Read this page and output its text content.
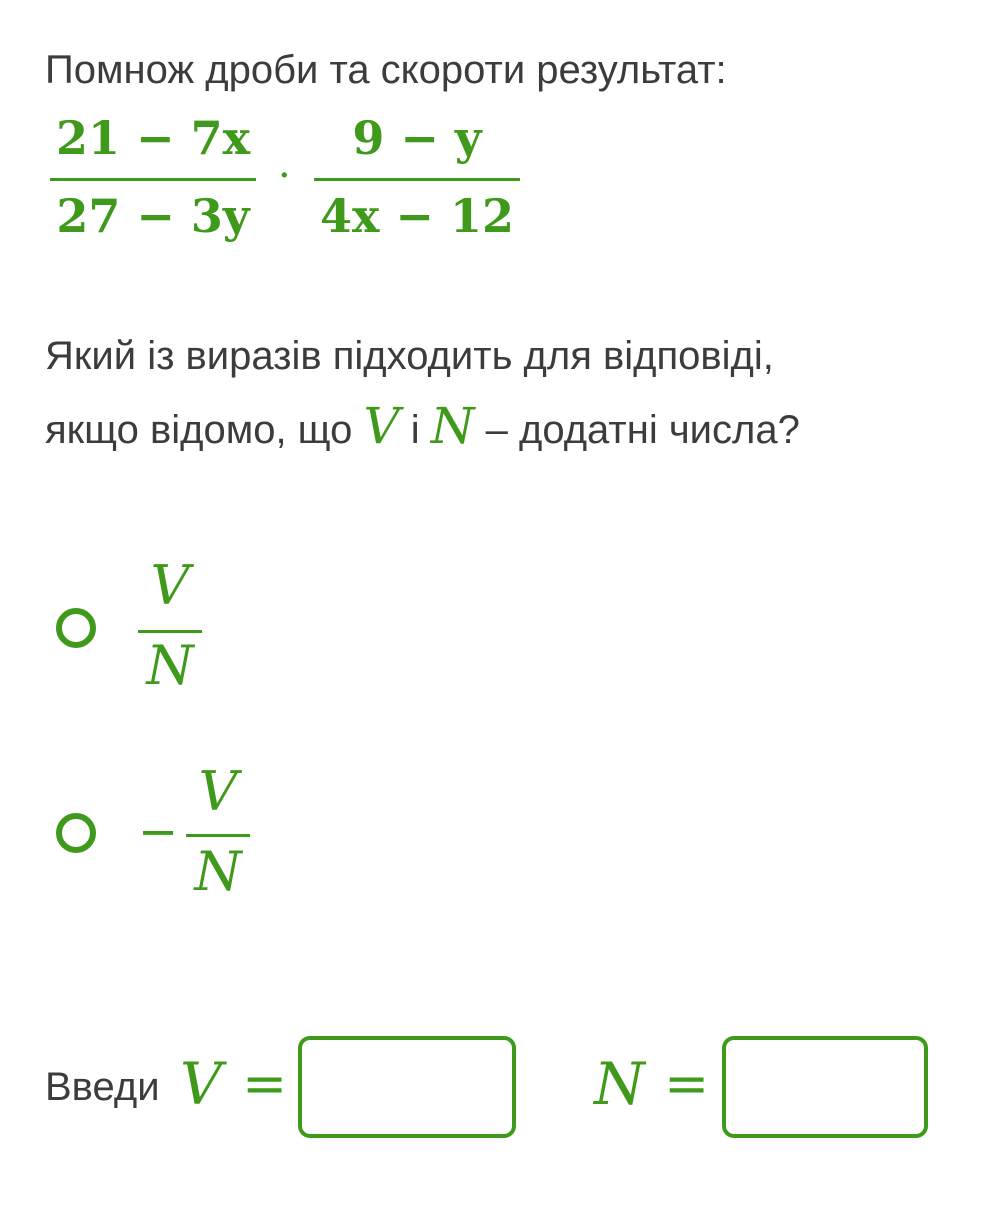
Помнож дроби та скороти результат:
21 − 7x
27 − 3y
·
9 − y
4x − 12
Який із виразів підходить для відповіді,
якщо відомо, що V і N – додатні числа?
V
N
−
V
N
Введи V =	N =
